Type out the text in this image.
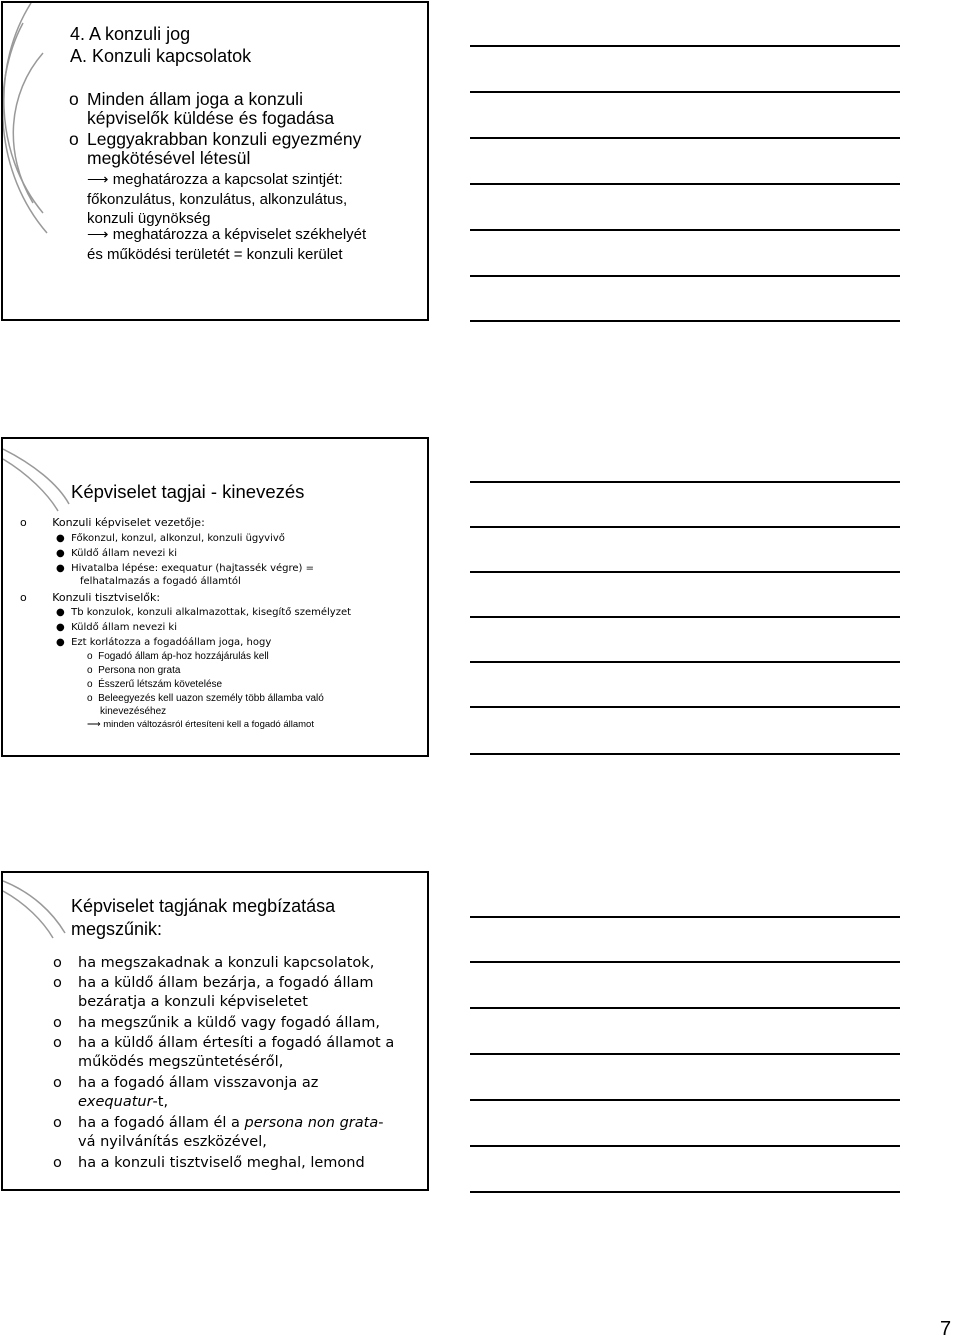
4. A konzuli jog
A. Konzuli kapcsolatok
o Minden állam joga a konzuli
képviselők küldése és fogadása
o Leggyakrabban konzuli egyezmény
megkötésével létesül
⟶ meghatározza a kapcsolat szintjét:
főkonzulátus, konzulátus, alkonzulátus,
konzuli ügynökség
⟶ meghatározza a képviselet székhelyét
és működési területét = konzuli kerület
Képviselet tagjai - kinevezés
o Konzuli képviselet vezetője:
● Főkonzul, konzul, alkonzul, konzuli ügyvivő
● Küldő állam nevezi ki
● Hivatalba lépése: exequatur (hajtassék végre) =
felhatalmazás a fogadó államtól
o Konzuli tisztviselők:
● Tb konzulok, konzuli alkalmazottak, kisegítő személyzet
● Küldő állam nevezi ki
● Ezt korlátozza a fogadóállam joga, hogy
o Fogadó állam áp-hoz hozzájárulás kell
o Persona non grata
o Ésszerű létszám követelése
o Beleegyezés kell uazon személy több államba való
kinevezéséhez
⟶ minden változásról értesíteni kell a fogadó államot
Képviselet tagjának megbízatása
megszűnik:
o ha megszakadnak a konzuli kapcsolatok,
o ha a küldő állam bezárja, a fogadó állam
bezáratja a konzuli képviseletet
o ha megszűnik a küldő vagy fogadó állam,
o ha a küldő állam értesíti a fogadó államot a
működés megszüntetéséről,
o ha a fogadó állam visszavonja az
exequatur-t,
o ha a fogadó állam él a persona non grata-
vá nyilvánítás eszközével,
o ha a konzuli tisztviselő meghal, lemond
7
